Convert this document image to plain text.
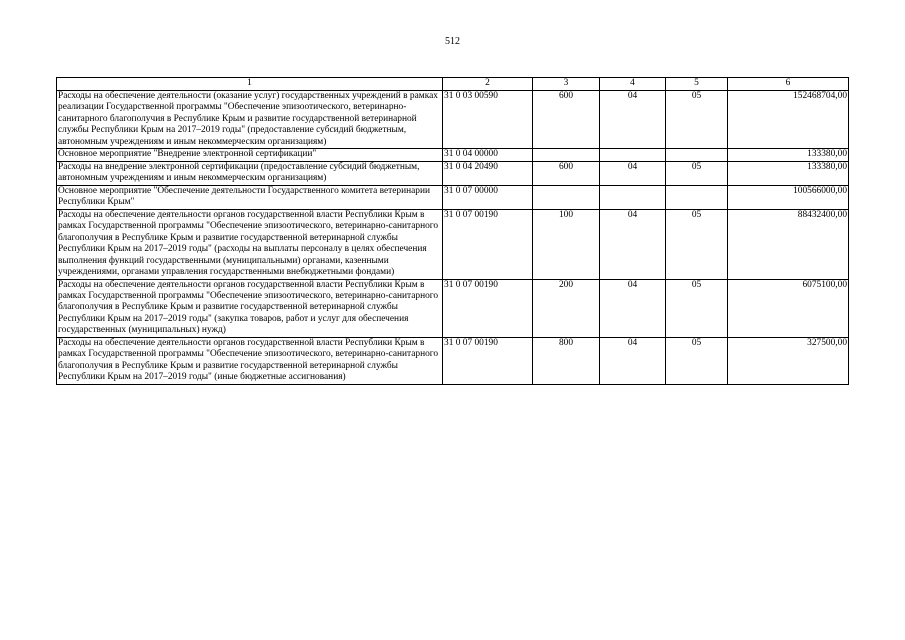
512
1	2	3	4	5	6
Расходы на обеспечение деятельности (оказание услуг) государственных учреждений в рамках реализации Государственной программы "Обеспечение эпизоотического, ветеринарно-санитарного благополучия в Республике Крым и развитие государственной ветеринарной службы Республики Крым на 2017–2019 годы" (предоставление субсидий бюджетным, автономным учреждениям и иным некоммерческим организациям)	31 0 03 00590	600	04	05	152468704,00
Основное мероприятие "Внедрение электронной сертификации"	31 0 04 00000				133380,00
Расходы на внедрение электронной сертификации (предоставление субсидий бюджетным, автономным учреждениям и иным некоммерческим организациям)	31 0 04 20490	600	04	05	133380,00
Основное мероприятие "Обеспечение деятельности Государственного комитета ветеринарии Республики Крым"	31 0 07 00000				100566000,00
Расходы на обеспечение деятельности органов государственной власти Республики Крым в рамках Государственной программы "Обеспечение эпизоотического, ветеринарно-санитарного благополучия в Республике Крым и развитие государственной ветеринарной службы Республики Крым на 2017–2019 годы" (расходы на выплаты персоналу в целях обеспечения выполнения функций государственными (муниципальными) органами, казенными учреждениями, органами управления государственными внебюджетными фондами)	31 0 07 00190	100	04	05	88432400,00
Расходы на обеспечение деятельности органов государственной власти Республики Крым в рамках Государственной программы "Обеспечение эпизоотического, ветеринарно-санитарного благополучия в Республике Крым и развитие государственной ветеринарной службы Республики Крым на 2017–2019 годы" (закупка товаров, работ и услуг для обеспечения государственных (муниципальных) нужд)	31 0 07 00190	200	04	05	6075100,00
Расходы на обеспечение деятельности органов государственной власти Республики Крым в рамках Государственной программы "Обеспечение эпизоотического, ветеринарно-санитарного благополучия в Республике Крым и развитие государственной ветеринарной службы Республики Крым на 2017–2019 годы" (иные бюджетные ассигнования)	31 0 07 00190	800	04	05	327500,00
